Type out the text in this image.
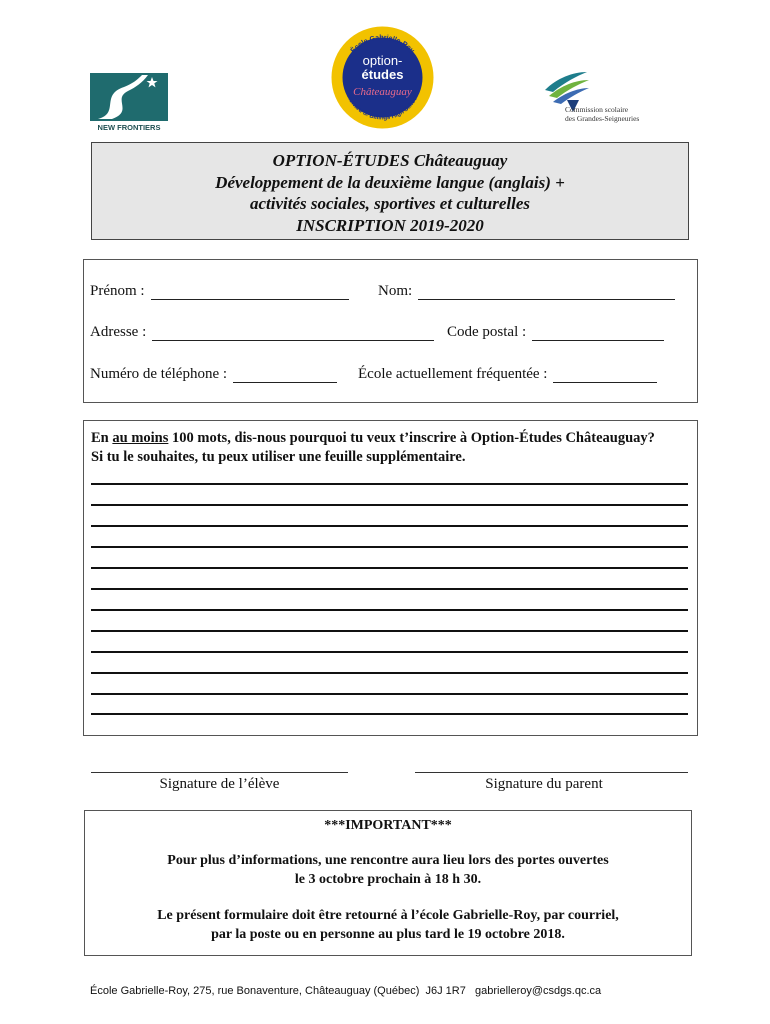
NEW FRONTIERS
École Gabrielle-Roy
Howard S. Billings High School
option-
études
Châteauguay
Commission scolaire
des Grandes-Seigneuries
OPTION-ÉTUDES Châteauguay
Développement de la deuxième langue (anglais) +
activités sociales, sportives et culturelles
INSCRIPTION 2019-2020
Prénom :	Nom:
Adresse :	Code postal :
Numéro de téléphone :	École actuellement fréquentée :
En au moins 100 mots, dis-nous pourquoi tu veux t’inscrire à Option-Études Châteauguay?
Si tu le souhaites, tu peux utiliser une feuille supplémentaire.
Signature de l’élève	Signature du parent

***IMPORTANT***

Pour plus d’informations, une rencontre aura lieu lors des portes ouvertes

le 3 octobre prochain à 18 h 30.

Le présent formulaire doit être retourné à l’école Gabrielle-Roy, par courriel,

par la poste ou en personne au plus tard le 19 octobre 2018.

École Gabrielle-Roy, 275, rue Bonaventure, Châteauguay (Québec)  J6J 1R7   gabrielleroy@csdgs.qc.ca
